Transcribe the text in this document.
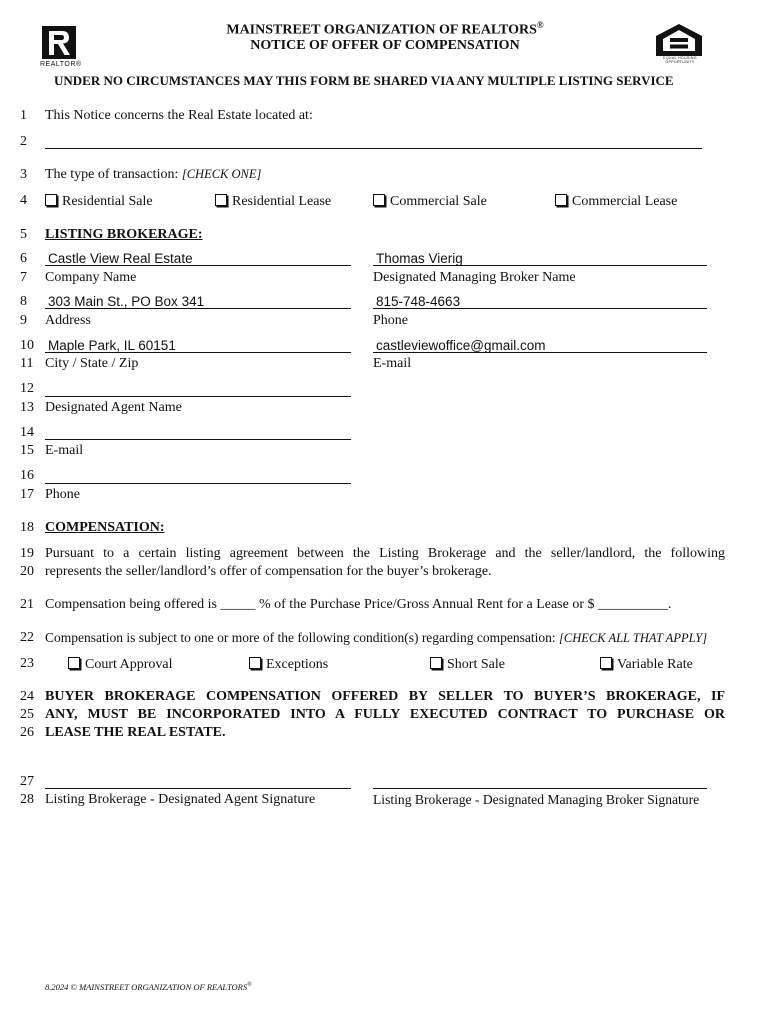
REALTOR®
EQUAL HOUSING OPPORTUNITY
MAINSTREET ORGANIZATION OF REALTORS®
NOTICE OF OFFER OF COMPENSATION
UNDER NO CIRCUMSTANCES MAY THIS FORM BE SHARED VIA ANY MULTIPLE LISTING SERVICE
1
2
3
4
5
6
7
8
9
10
11
12
13
14
15
16
17
18
19
20
21
22
23
24
25
26
27
28
This Notice concerns the Real Estate located at:
The type of transaction: [CHECK ONE]
Residential Sale	Residential Lease	Commercial Sale	Commercial Lease
LISTING BROKERAGE:
Castle View Real Estate
Company Name
Thomas Vierig
Designated Managing Broker Name
303 Main St., PO Box 341
Address
815-748-4663
Phone
Maple Park, IL 60151
City / State / Zip
castleviewoffice@gmail.com
E-mail
Designated Agent Name
E-mail
Phone
COMPENSATION:
Pursuant to a certain listing agreement between the Listing Brokerage and the seller/landlord, the following
represents the seller/landlord’s offer of compensation for the buyer’s brokerage.
Compensation being offered is _____ % of the Purchase Price/Gross Annual Rent for a Lease or $ __________.
Compensation is subject to one or more of the following condition(s) regarding compensation: [CHECK ALL THAT APPLY]
Court Approval	Exceptions	Short Sale	Variable Rate
BUYER BROKERAGE COMPENSATION OFFERED BY SELLER TO BUYER’S BROKERAGE, IF
ANY, MUST BE INCORPORATED INTO A FULLY EXECUTED CONTRACT TO PURCHASE OR
LEASE THE REAL ESTATE.
Listing Brokerage - Designated Agent Signature	Listing Brokerage - Designated Managing Broker Signature
8.2024 © MAINSTREET ORGANIZATION OF REALTORS®
